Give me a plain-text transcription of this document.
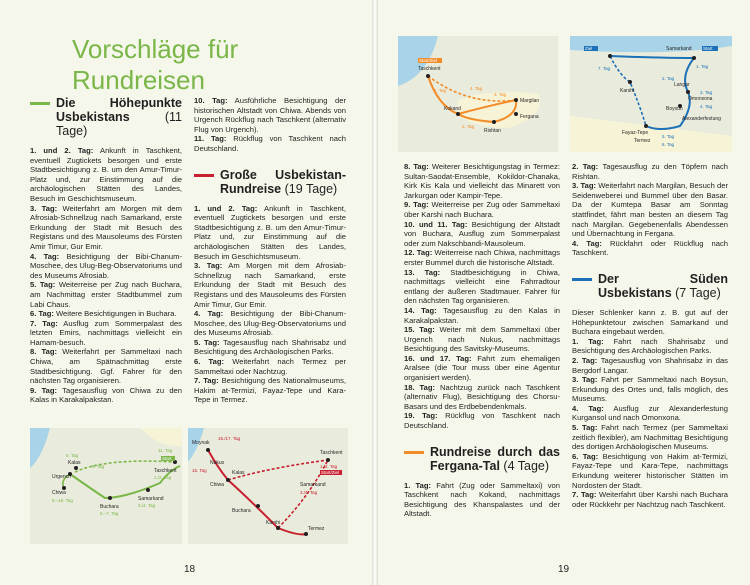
Vorschläge für Rundreisen
Die Höhepunkte Usbekistans	(11 Tage)

1. und 2. Tag: Ankunft in Taschkent, eventuell Zugtickets besorgen und erste Stadtbesichtigung z. B. um den Amur-Timur-Platz und, zur Einstimmung auf die archäologischen Stätten des Landes, Besuch im Geschichtsmuseum.

3. Tag: Weiterfahrt am Morgen mit dem Afrosiab-Schnellzug nach Samarkand, erste Erkundung der Stadt mit Besuch des Registans und des Mausoleums des Fürsten Amir Timur, Gur Emir.

4. Tag: Besichtigung der Bibi-Chanum-Moschee, des Ulug-Beg-Observatoriums und des Museums Afrosiab.

5. Tag: Weiterreise per Zug nach Buchara, am Nachmittag erster Stadtbummel zum Labi Chaus.

6. Tag: Weitere Besichtigungen in Buchara.

7. Tag: Ausflug zum Sommerpalast des letzten Emirs, nachmittags vielleicht ein Hamam-besuch.

8. Tag: Weiterfahrt per Sammeltaxi nach Chiwa, am Spätnachmittag erste Stadtbesichtigung. Ggf. Fahrer für den nächsten Tag organisieren.

9. Tag: Tagesausflug von Chiwa zu den Kalas in Karakalpakstan.

10. Tag: Ausführliche Besichtigung der historischen Altstadt von Chiwa. Abends von Urgench Rückflug nach Taschkent (alternativ Flug von Urgench).

11. Tag: Rückflug von Taschkent nach Deutschland.

Große Usbekistan-Rundreise (19 Tage)

1. und 2. Tag: Ankunft in Taschkent, eventuell Zugtickets besorgen und erste Stadtbesichtigung z. B. um den Amur-Timur-Platz und, zur Einstimmung auf die archäologischen Stätten des Landes, Besuch im Geschichtsmuseum.

3. Tag: Am Morgen mit dem Afrosiab-Schnellzug nach Samarkand, erste Erkundung der Stadt mit Besuch des Registans und des Mausoleums des Fürsten Amir Timur, Gur Emir.

4. Tag: Besichtigung der Bibi-Chanum-Moschee, des Ulug-Beg-Observatoriums und des Museums Afrosiab.

5. Tag: Tagesausflug nach Shahrisabz und Besichtigung des Archäologischen Parks.

6. Tag: Weiterfahrt nach Termez per Sammeltaxi oder Nachtzug.

7. Tag: Besichtigung des Nationalmuseums, Hakim at-Termizi, Fayaz-Tepe und Kara-Tepe in Termez.

Kalas
Urgench
Chiwa
Buchara
Samarkand
Taschkent
6.–10. Tag
5.–7. Tag
3./4. Tag
1./2. Tag
8. Tag
9. Tag
11. Tag
Start
Moynak
Nukus
Kalas
Chiwa
Buchara
Karshi
Samarkand
Taschkent
Termez
16./17. Tag
15. Tag
3./4. Tag
1./2. Tag
Start/Ziel
18
Start/Ziel
Taschkent
Kokand
Margilan
Fergana
Rishtan
1. Tag
2. Tag
3. Tag
4. Tag
Ziel	Start
Samarkand
Karshi
Langar
Omonxona
Boysun
Alexanderfestung
Fayaz-Tepe
Termez
7. Tag	1. Tag
2. Tag
3. Tag
4. Tag
5. Tag
6. Tag

8. Tag: Weiterer Besichtigungstag in Termez: Sultan-Saodat-Ensemble, Kokildor-Chanaka, Kirk Kis Kala und vielleicht das Minarett von Jarkurgan oder Kampir-Tepe.

9. Tag: Weiterreise per Zug oder Sammeltaxi über Karshi nach Buchara.

10. und 11. Tag: Besichtigung der Altstadt von Buchara, Ausflug zum Sommerpalast oder zum Nakschbandi-Mausoleum.

12. Tag: Weiterreise nach Chiwa, nachmittags erster Bummel durch die historische Altstadt.

13. Tag: Stadtbesichtigung in Chiwa, nachmittags vielleicht eine Fahrradtour entlang der äußeren Stadtmauer. Fahrer für den nächsten Tag organisieren.

14. Tag: Tagesausflug zu den Kalas in Karakalpakstan.

15. Tag: Weiter mit dem Sammeltaxi über Urgench nach Nukus, nachmittags Besichtigung des Savitsky-Museums.

16. und 17. Tag: Fahrt zum ehemaligen Aralsee (die Tour muss über eine Agentur organisiert werden).

18. Tag: Nachtzug zurück nach Taschkent (alternativ Flug), Besichtigung des Chorsu-Basars und des Erdbebendenkmals.

19. Tag: Rückflug von Taschkent nach Deutschland.

Rundreise durch das Fergana-Tal (4 Tage)

1. Tag: Fahrt (Zug oder Sammeltaxi) von Taschkent nach Kokand, nachmittags Besichtigung des Khanspalastes und der Altstadt.

2. Tag: Tagesausflug zu den Töpfern nach Rishtan.

3. Tag: Weiterfahrt nach Margilan, Besuch der Seidenweberei und Bummel über den Basar. Da der Kumtepa Basar am Sonntag stattfindet, fährt man besten an diesem Tag nach Margilan. Gegebenenfalls Abendessen und Übernachtung in Fergana.

4. Tag: Rückfahrt oder Rückflug nach Taschkent.

Der Süden Usbekistans (7 Tage)

Dieser Schlenker kann z. B. gut auf der Höhepunktetour zwischen Samarkand und Buchara eingebaut werden.

1. Tag: Fahrt nach Shahrisabz und Besichtigung des Archäologischen Parks.

2. Tag: Tagesausflug von Shahrisabz in das Bergdorf Langar.

3. Tag: Fahrt per Sammeltaxi nach Boysun, Erkundung des Ortes und, falls möglich, des Museums.

4. Tag: Ausflug zur Alexanderfestung Kurgansol und nach Omonxona.

5. Tag: Fahrt nach Termez (per Sammeltaxi zeitlich flexibler), am Nachmittag Besichtigung des dortigen Archäologischen Museums.

6. Tag: Besichtigung von Hakim at-Termizi, Fayaz-Tepe und Kara-Tepe, nachmittags Erkundung weiterer historischer Stätten im Nordosten der Stadt.

7. Tag: Weiterfahrt über Karshi nach Buchara oder Rückkehr per Nachtzug nach Taschkent.

19
